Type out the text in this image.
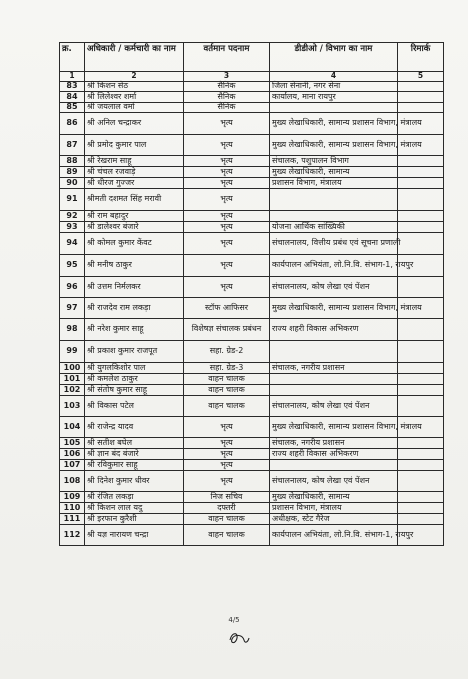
क्र.	अधिकारी / कर्मचारी का नाम	वर्तमान पदनाम	डीडीओ / विभाग का नाम	रिमार्क
1	2	3	4	5
83	श्री किशन सेठ	सैनिक	जिला सेनानी, नगर सेना	
84	श्री लिलेश्वर शर्मा	सैनिक	कार्यालय, माना रायपुर	
85	श्री जयलाल वर्मा	सैनिक		
86	श्री अनिल चन्द्राकर	भृत्य	मुख्य लेखाधिकारी, सामान्य प्रशासन विभाग, मंत्रालय	
87	श्री प्रमोद कुमार पाल	भृत्य	मुख्य लेखाधिकारी, सामान्य प्रशासन विभाग, मंत्रालय	
88	श्री रेखराम साहू	भृत्य	संचालक, पशुपालन विभाग	
89	श्री चंचल रजवाड़े	भृत्य	मुख्य लेखाधिकारी, सामान्य	
90	श्री धीरज गुज्जर	भृत्य	प्रशासन विभाग, मंत्रालय	
91	श्रीमती दशमत सिंह मरावी	भृत्य		
92	श्री राम बहादुर	भृत्य		
93	श्री डालेश्वर बंजारे	भृत्य	योजना आर्थिक सांख्यिकी	
94	श्री कोमल कुमार केंवट	भृत्य	संचालनालय, वित्तीय प्रबंध एवं सूचना प्रणाली	
95	श्री मनीष ठाकुर	भृत्य	कार्यपालन अभियंता, लो.नि.वि. संभाग-1, रायपुर	
96	श्री उत्तम निर्मलकर	भृत्य	संचालनालय, कोष लेखा एवं पेंशन	
97	श्री राजदेव राम लकड़ा	स्टॉफ आफिसर	मुख्य लेखाधिकारी, सामान्य प्रशासन विभाग, मंत्रालय	
98	श्री नरेश कुमार साहू	विशेषज्ञ संचालक प्रबंधन	राज्य शहरी विकास अभिकरण	
99	श्री प्रकाश कुमार राजपूत	सहा. ग्रेड-2		
100	श्री युगलकिशोर पाल	सहा. ग्रेड-3	संचालक, नगरीय प्रशासन	
101	श्री कमलेश ठाकुर	वाहन चालक		
102	श्री संतोष कुमार साहू	वाहन चालक		
103	श्री विकास पटेल	वाहन चालक	संचालनालय, कोष लेखा एवं पेंशन	
104	श्री राजेन्द्र यादव	भृत्य	मुख्य लेखाधिकारी, सामान्य प्रशासन विभाग, मंत्रालय	
105	श्री सतीश बघेल	भृत्य	संचालक, नगरीय प्रशासन	
106	श्री ज्ञान बंद बंजारे	भृत्य	राज्य शहरी विकास अभिकरण	
107	श्री रविकुमार साहू	भृत्य		
108	श्री दिनेश कुमार धीवर	भृत्य	संचालनालय, कोष लेखा एवं पेंशन	
109	श्री रंजित लकड़ा	निज सचिव	मुख्य लेखाधिकारी, सामान्य	
110	श्री किशन लाल यदु	दफ्तरी	प्रशासन विभाग, मंत्रालय	
111	श्री इरफान कुरैशी	वाहन चालक	अधीक्षक, स्टेट गैरेज	
112	श्री यज्ञ नारायण चन्द्रा	वाहन चालक	कार्यपालन अभियंता, लो.नि.वि. संभाग-1, रायपुर	
4/5
